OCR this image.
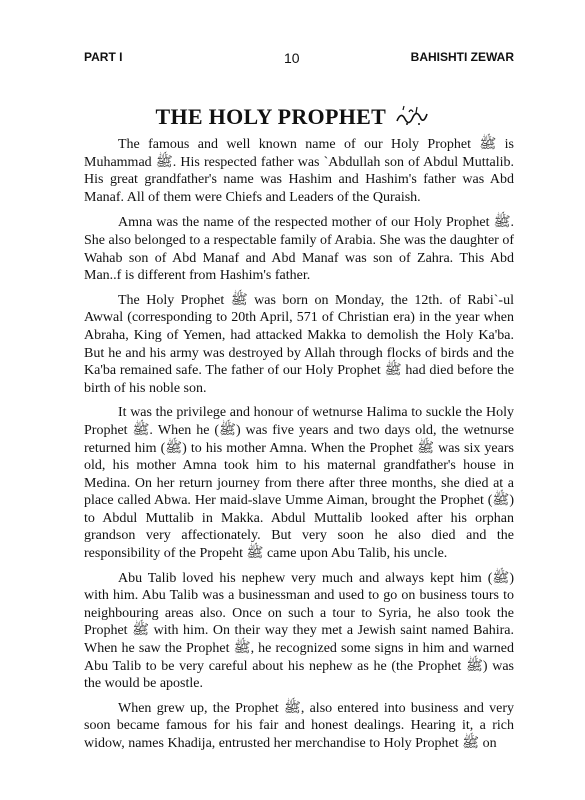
PART I	10	BAHISHTI ZEWAR
THE HOLY PROPHET

The famous and well known name of our Holy Prophet ﷺ is Muhammad ﷺ. His respected father was `Abdullah son of Abdul Muttalib. His great grandfather's name was Hashim and Hashim's father was Abd Manaf. All of them were Chiefs and Leaders of the Quraish.

Amna was the name of the respected mother of our Holy Prophet ﷺ. She also belonged to a respectable family of Arabia. She was the daughter of Wahab son of Abd Manaf and Abd Manaf was son of Zahra. This Abd Man..f is different from Hashim's father.

The Holy Prophet ﷺ was born on Monday, the 12th. of Rabi`-ul Awwal (corresponding to 20th April, 571 of Christian era) in the year when Abraha, King of Yemen, had attacked Makka to demolish the Holy Ka'ba. But he and his army was destroyed by Allah through flocks of birds and the Ka'ba remained safe. The father of our Holy Prophet ﷺ had died before the birth of his noble son.

It was the privilege and honour of wetnurse Halima to suckle the Holy Prophet ﷺ. When he (ﷺ) was five years and two days old, the wetnurse returned him (ﷺ) to his mother Amna. When the Prophet ﷺ was six years old, his mother Amna took him to his maternal grandfather's house in Medina. On her return journey from there after three months, she died at a place called Abwa. Her maid-slave Umme Aiman, brought the Prophet (ﷺ) to Abdul Muttalib in Makka. Abdul Muttalib looked after his orphan grandson very affectionately. But very soon he also died and the responsibility of the Propeht ﷺ came upon Abu Talib, his uncle.

Abu Talib loved his nephew very much and always kept him (ﷺ) with him. Abu Talib was a businessman and used to go on business tours to neighbouring areas also. Once on such a tour to Syria, he also took the Prophet ﷺ with him. On their way they met a Jewish saint named Bahira. When he saw the Prophet ﷺ, he recognized some signs in him and warned Abu Talib to be very careful about his nephew as he (the Prophet ﷺ) was the would be apostle.

When grew up, the Prophet ﷺ, also entered into business and very soon became famous for his fair and honest dealings. Hearing it, a rich widow, names Khadija, entrusted her merchandise to Holy Prophet ﷺ on
